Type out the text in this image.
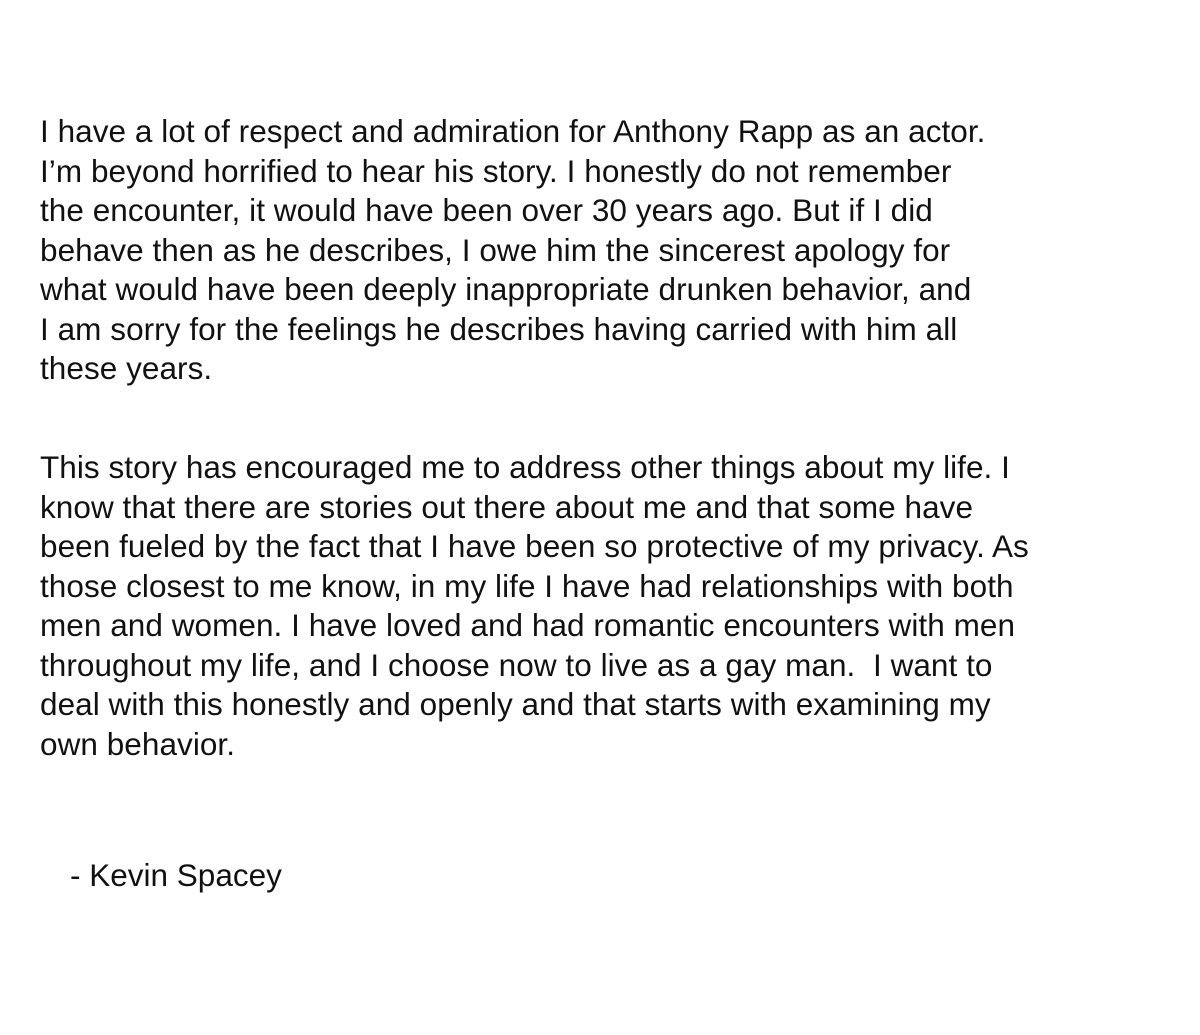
I have a lot of respect and admiration for Anthony Rapp as an actor.
I’m beyond horrified to hear his story. I honestly do not remember
the encounter, it would have been over 30 years ago. But if I did
behave then as he describes, I owe him the sincerest apology for
what would have been deeply inappropriate drunken behavior, and
I am sorry for the feelings he describes having carried with him all
these years.
This story has encouraged me to address other things about my life. I
know that there are stories out there about me and that some have
been fueled by the fact that I have been so protective of my privacy. As
those closest to me know, in my life I have had relationships with both
men and women. I have loved and had romantic encounters with men
throughout my life, and I choose now to live as a gay man.  I want to
deal with this honestly and openly and that starts with examining my
own behavior.
- Kevin Spacey
